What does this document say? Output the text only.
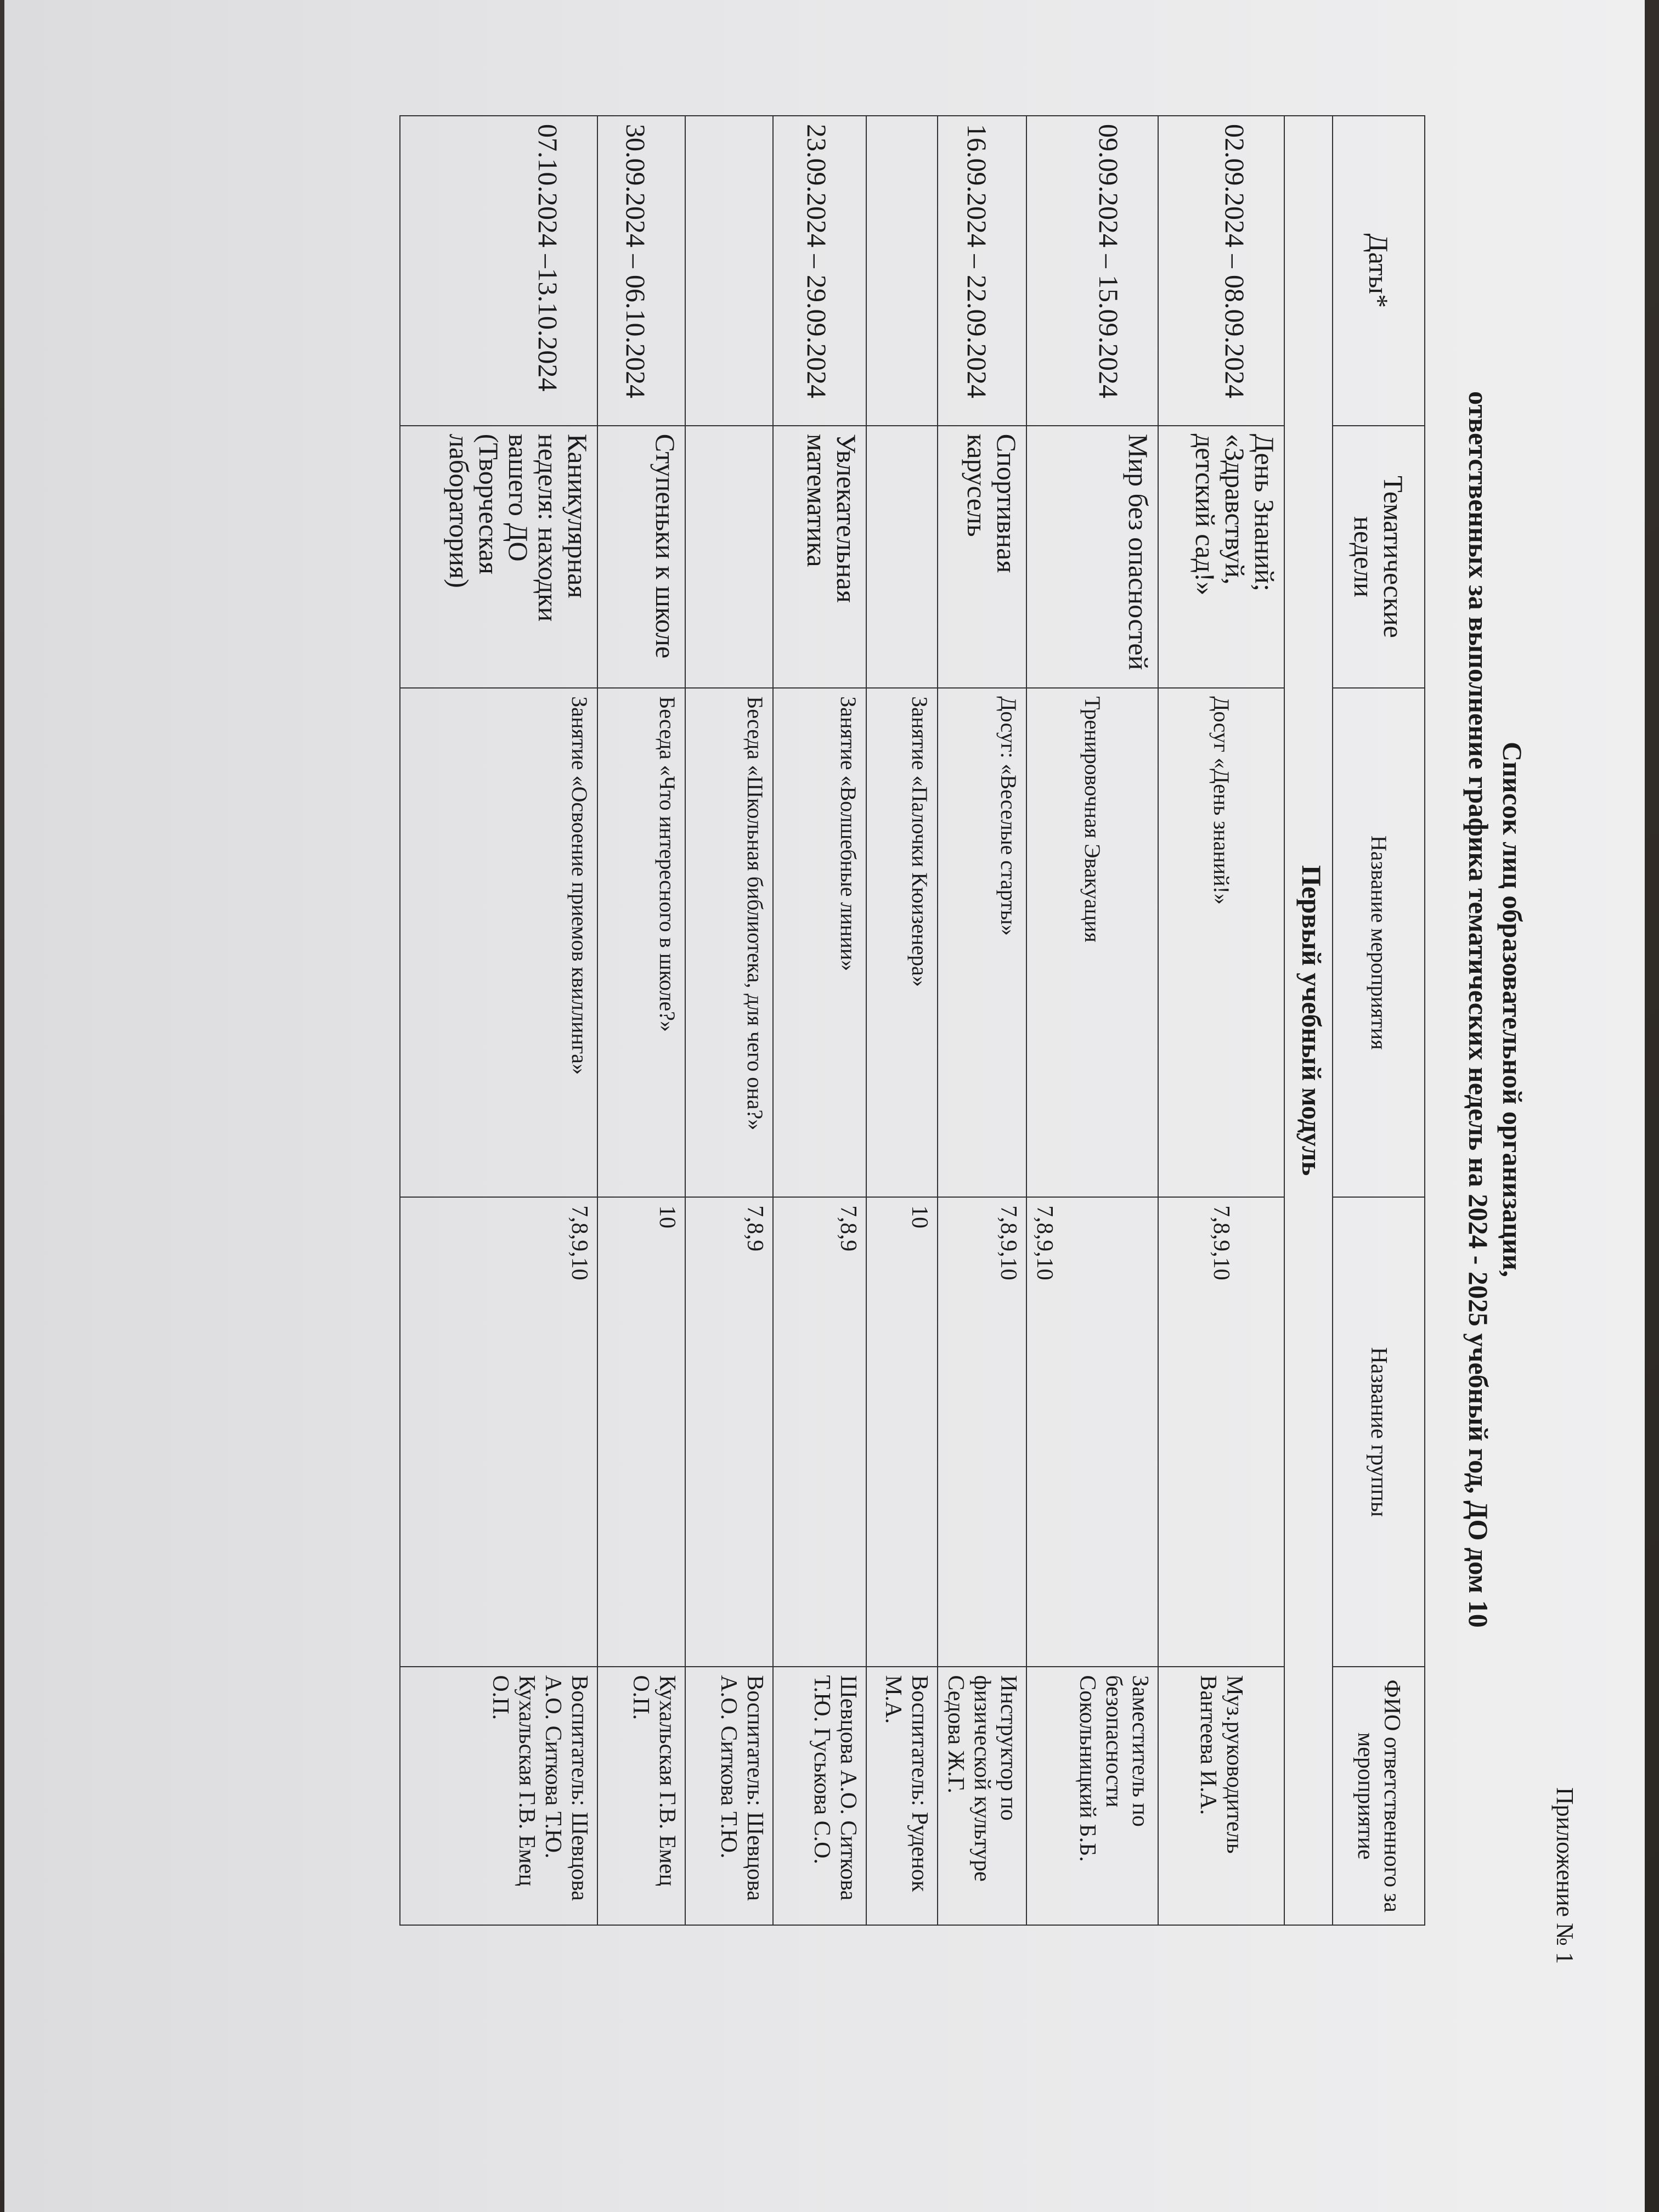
Приложение № 1
Список лиц образовательной организации,
ответственных за выполнение графика тематических недель на 2024 - 2025 учебный год, ДО дом 10
Даты*	Тематические недели	Название мероприятия	Название группы	ФИО ответственного за мероприятие
Первый учебный модуль				
02.09.2024 – 08.09.2024	День Знаний; «Здравствуй, детский сад!»	Досуг «День знаний!»	7,8,9,10	Муз.руководитель Вантеева И.А.
09.09.2024 – 15.09.2024	Мир без опасностей	Тренировочная Эвакуация	7,8,9,10	Заместитель по безопасности Сокольницкий Б.Б.
16.09.2024 – 22.09.2024	Спортивная карусель	Досуг: «Веселые старты»	7,8,9,10	Инструктор по физической культуре Седова Ж.Г.
		Занятие «Палочки Кюизенера»	10	Воспитатель: Руденок М.А.
23.09.2024 – 29.09.2024	Увлекательная математика	Занятие «Волшебные линии»	7,8,9	Шевцова А.О. Ситкова Т.Ю. Гуськова С.О.
		Беседа «Школьная библиотека, для чего она?»	7,8,9	Воспитатель: Шевцова А.О. Ситкова Т.Ю.
30.09.2024 – 06.10.2024	Ступеньки к школе	Беседа «Что интересного в школе?»	10	Кухальская Г.В. Емец О.П.
07.10.2024 –13.10.2024	Каникулярная неделя: находки вашего ДО (Творческая лаборатория)	Занятие «Освоение приемов квиллинга»	7,8,9,10	Воспитатель: Шевцова А.О. Ситкова Т.Ю. Кухальская Г.В. Емец О.П.
